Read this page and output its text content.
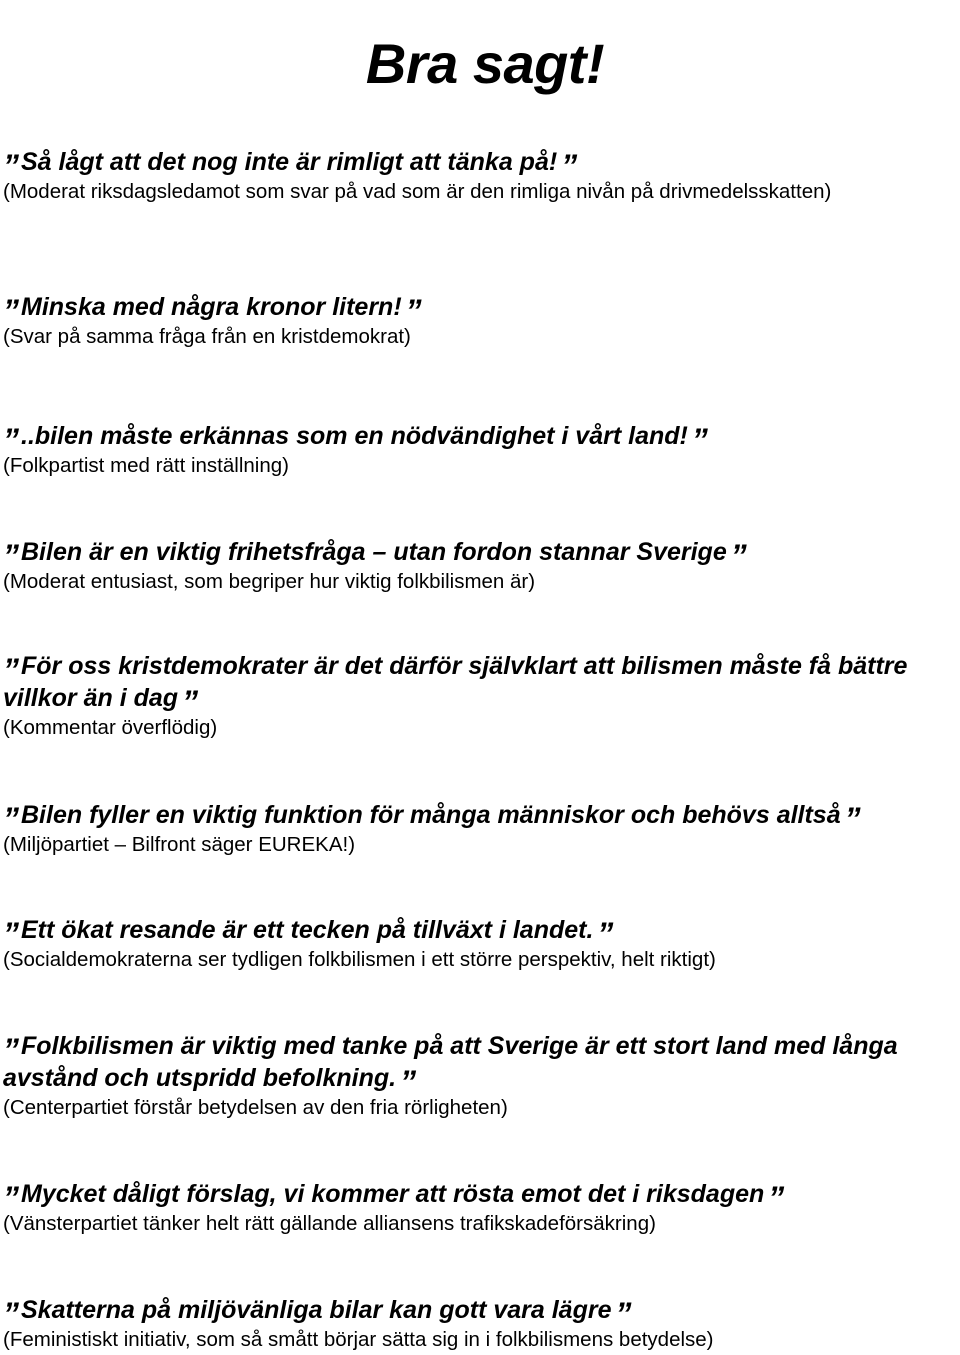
Bra sagt!

”Så lågt att det nog inte är rimligt att tänka på! ”

(Moderat riksdagsledamot som svar på vad som är den rimliga nivån på drivmedelsskatten)

”Minska med några kronor litern! ”

(Svar på samma fråga från en kristdemokrat)

”..bilen måste erkännas som en nödvändighet i vårt land! ”

(Folkpartist med rätt inställning)

”Bilen är en viktig frihetsfråga – utan fordon stannar Sverige ”

(Moderat entusiast, som begriper hur viktig folkbilismen är)

”För oss kristdemokrater är det därför självklart att bilismen måste få bättre villkor än i dag ”

(Kommentar överflödig)

”Bilen fyller en viktig funktion för många människor och behövs alltså ”

(Miljöpartiet – Bilfront säger EUREKA!)

”Ett ökat resande är ett tecken på tillväxt i landet. ”

(Socialdemokraterna ser tydligen folkbilismen i ett större perspektiv, helt riktigt)

”Folkbilismen är viktig med tanke på att Sverige är ett stort land med långa avstånd och utspridd befolkning. ”

(Centerpartiet förstår betydelsen av den fria rörligheten)

”Mycket dåligt förslag, vi kommer att rösta emot det i riksdagen ”

(Vänsterpartiet tänker helt rätt gällande alliansens trafikskadeförsäkring)

”Skatterna på miljövänliga bilar kan gott vara lägre ”

(Feministiskt initiativ, som så smått börjar sätta sig in i folkbilismens betydelse)
